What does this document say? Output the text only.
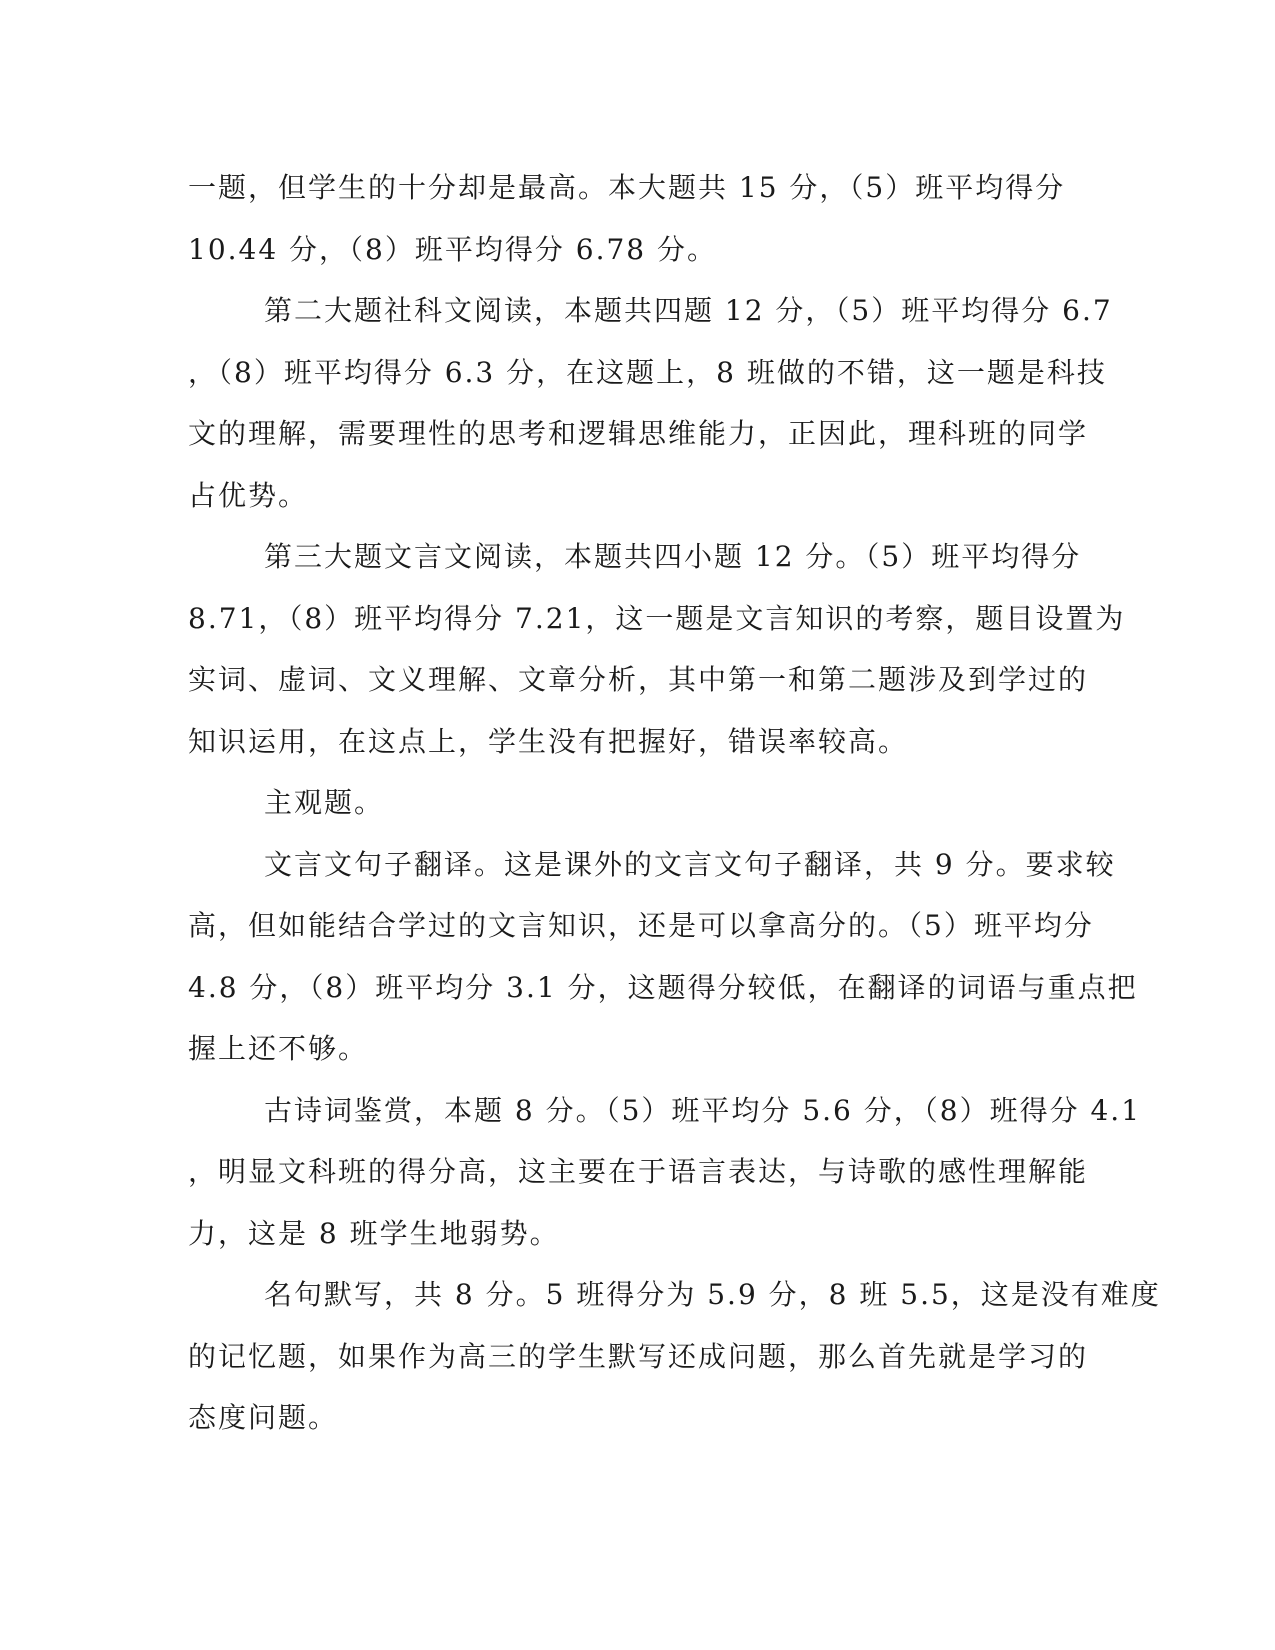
一题，但学生的十分却是最高。本大题共 15 分，（5）班平均得分
10.44 分，（8）班平均得分 6.78 分。
第二大题社科文阅读，本题共四题 12 分，（5）班平均得分 6.7
，（8）班平均得分 6.3 分，在这题上，8 班做的不错，这一题是科技
文的理解，需要理性的思考和逻辑思维能力，正因此，理科班的同学
占优势。
第三大题文言文阅读，本题共四小题 12 分。（5）班平均得分
8.71，（8）班平均得分 7.21，这一题是文言知识的考察，题目设置为
实词、虚词、文义理解、文章分析，其中第一和第二题涉及到学过的
知识运用，在这点上，学生没有把握好，错误率较高。
主观题。
文言文句子翻译。这是课外的文言文句子翻译，共 9 分。要求较
高，但如能结合学过的文言知识，还是可以拿高分的。（5）班平均分
4.8 分，（8）班平均分 3.1 分，这题得分较低，在翻译的词语与重点把
握上还不够。
古诗词鉴赏，本题 8 分。（5）班平均分 5.6 分，（8）班得分 4.1
，明显文科班的得分高，这主要在于语言表达，与诗歌的感性理解能
力，这是 8 班学生地弱势。
名句默写，共 8 分。5 班得分为 5.9 分，8 班 5.5，这是没有难度
的记忆题，如果作为高三的学生默写还成问题，那么首先就是学习的
态度问题。
